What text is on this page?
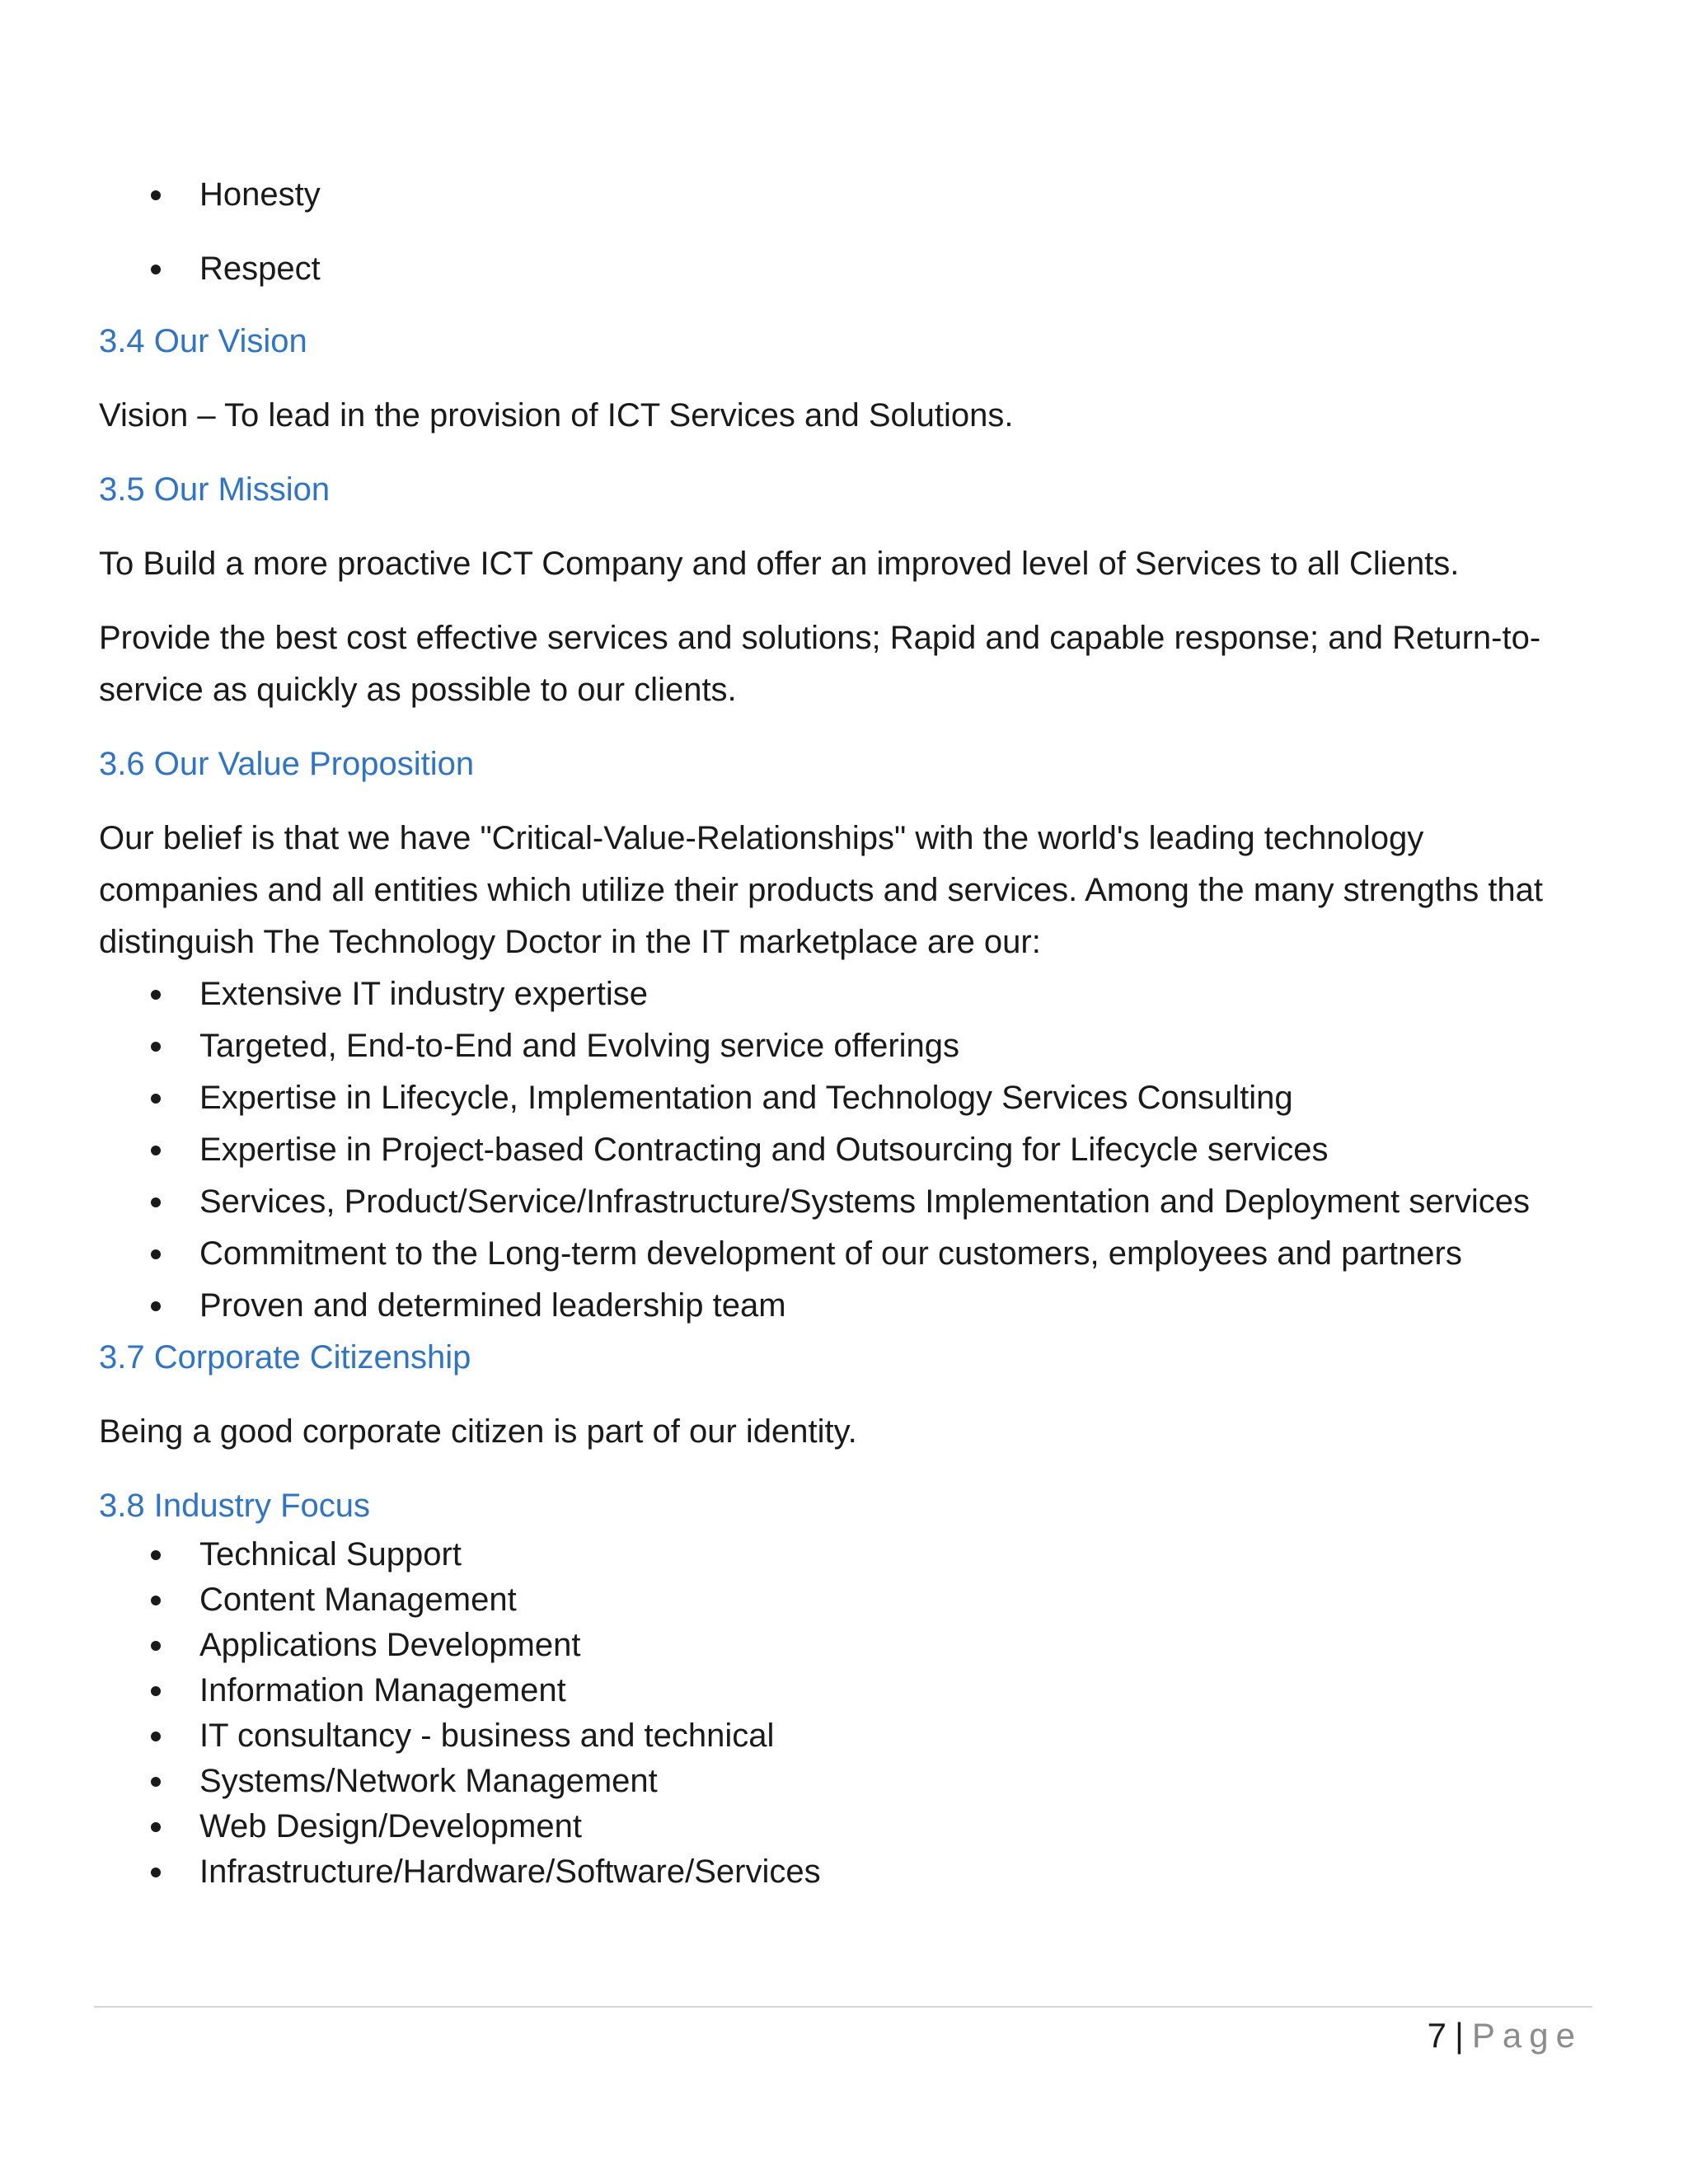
Honesty
Respect
3.4 Our Vision

Vision – To lead in the provision of ICT Services and Solutions.

3.5 Our Mission

To Build a more proactive ICT Company and offer an improved level of Services to all Clients.

Provide the best cost effective services and solutions; Rapid and capable response; and Return-to-service as quickly as possible to our clients.

3.6 Our Value Proposition

Our belief is that we have "Critical-Value-Relationships" with the world's leading technology companies and all entities which utilize their products and services. Among the many strengths that distinguish The Technology Doctor in the IT marketplace are our:

Extensive IT industry expertise
Targeted, End-to-End and Evolving service offerings
Expertise in Lifecycle, Implementation and Technology Services Consulting
Expertise in Project-based Contracting and Outsourcing for Lifecycle services
Services, Product/Service/Infrastructure/Systems Implementation and Deployment services
Commitment to the Long-term development of our customers, employees and partners
Proven and determined leadership team
3.7 Corporate Citizenship

Being a good corporate citizen is part of our identity.

3.8 Industry Focus
Technical Support
Content Management
Applications Development
Information Management
IT consultancy - business and technical
Systems/Network Management
Web Design/Development
Infrastructure/Hardware/Software/Services
7 | Page
